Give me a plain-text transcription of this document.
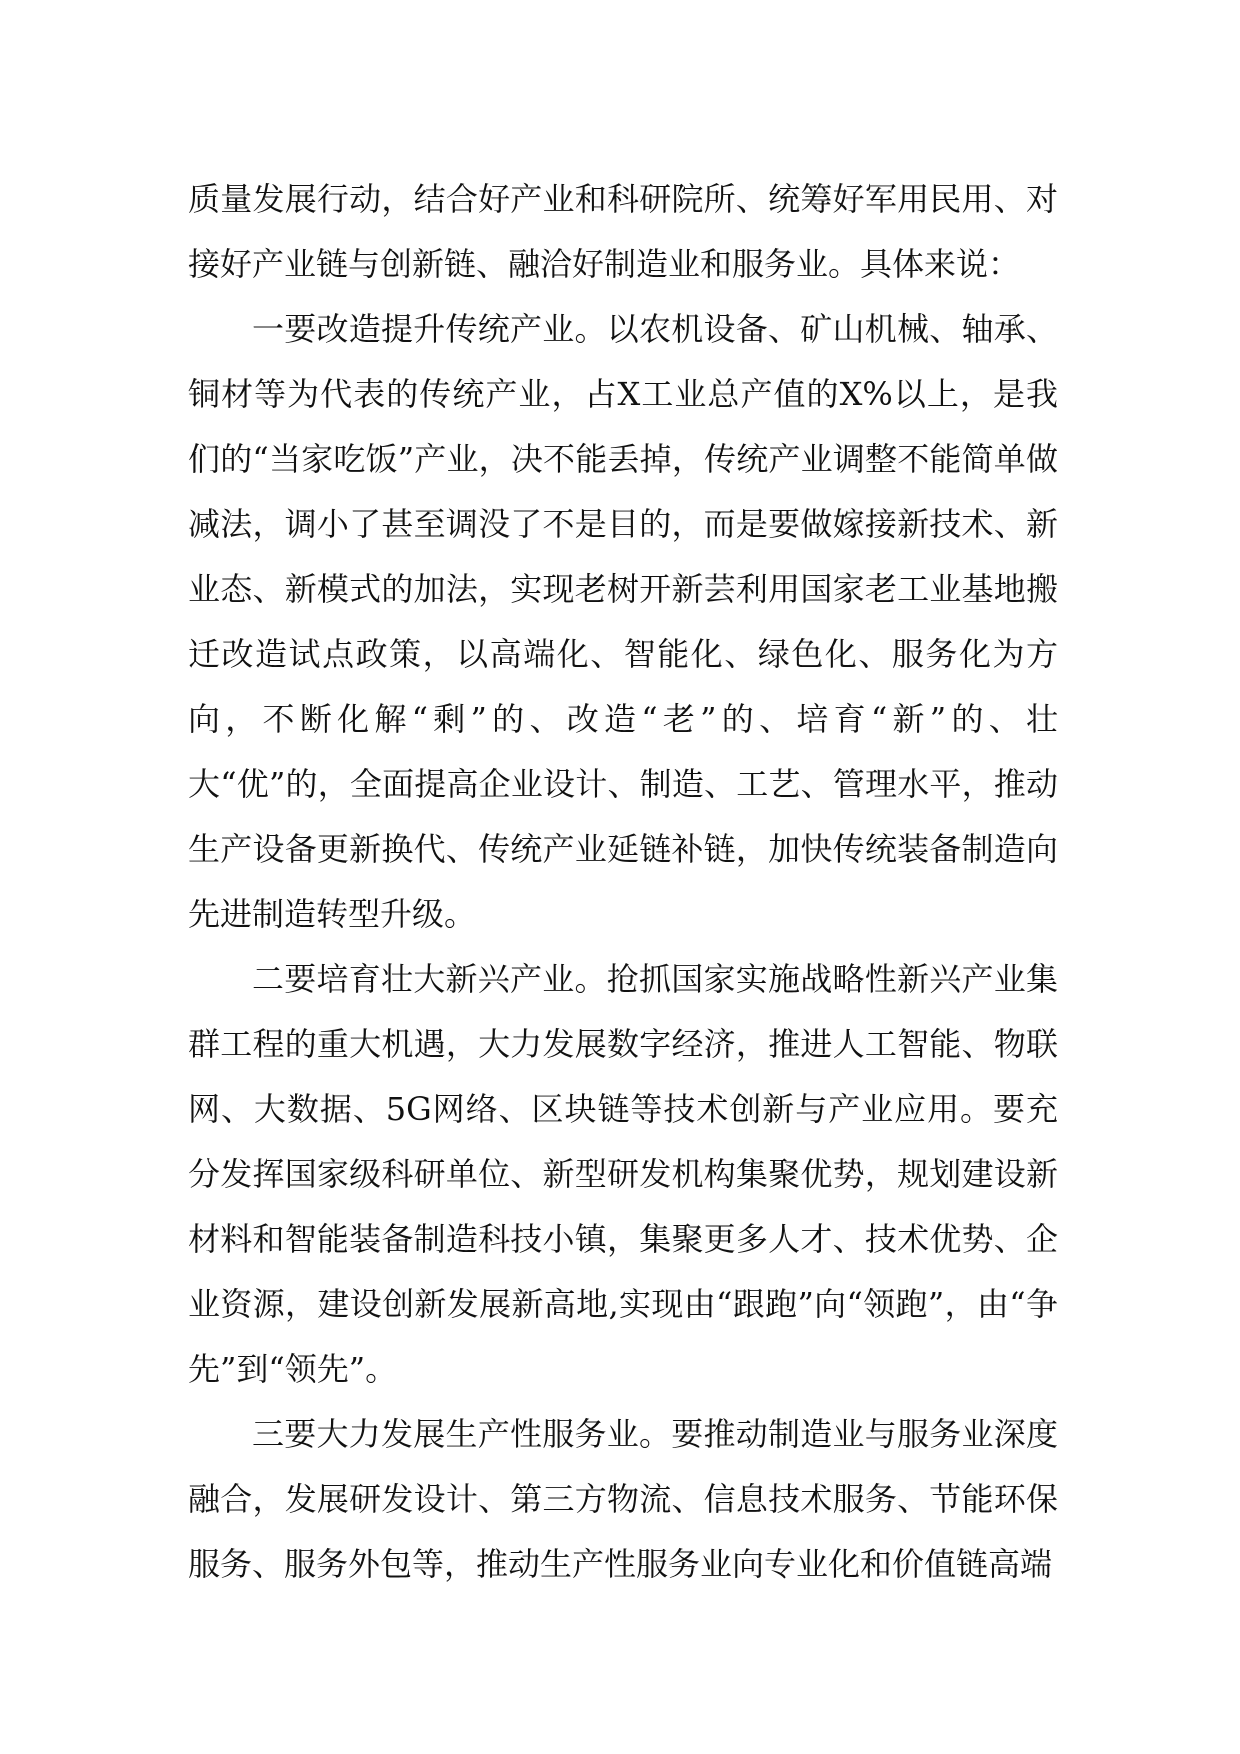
质量发展行动，结合好产业和科研院所、统筹好军用民用、对接好产业链与创新链、融洽好制造业和服务业。具体来说：

一要改造提升传统产业。以农机设备、矿山机械、轴承、铜材等为代表的传统产业，占X工业总产值的X%以上，是我们的“当家吃饭”产业，决不能丢掉，传统产业调整不能简单做减法，调小了甚至调没了不是目的，而是要做嫁接新技术、新业态、新模式的加法，实现老树开新芸利用国家老工业基地搬迁改造试点政策，以高端化、智能化、绿色化、服务化为方向，不断化解“剩”的、改造“老”的、培育“新”的、壮大“优”的，全面提高企业设计、制造、工艺、管理水平，推动生产设备更新换代、传统产业延链补链，加快传统装备制造向先进制造转型升级。

二要培育壮大新兴产业。抢抓国家实施战略性新兴产业集群工程的重大机遇，大力发展数字经济，推进人工智能、物联网、大数据、5G网络、区块链等技术创新与产业应用。要充分发挥国家级科研单位、新型研发机构集聚优势，规划建设新材料和智能装备制造科技小镇，集聚更多人才、技术优势、企业资源，建设创新发展新高地,实现由“跟跑”向“领跑”，由“争先”到“领先”。

三要大力发展生产性服务业。要推动制造业与服务业深度融合，发展研发设计、第三方物流、信息技术服务、节能环保服务、服务外包等，推动生产性服务业向专业化和价值链高端
